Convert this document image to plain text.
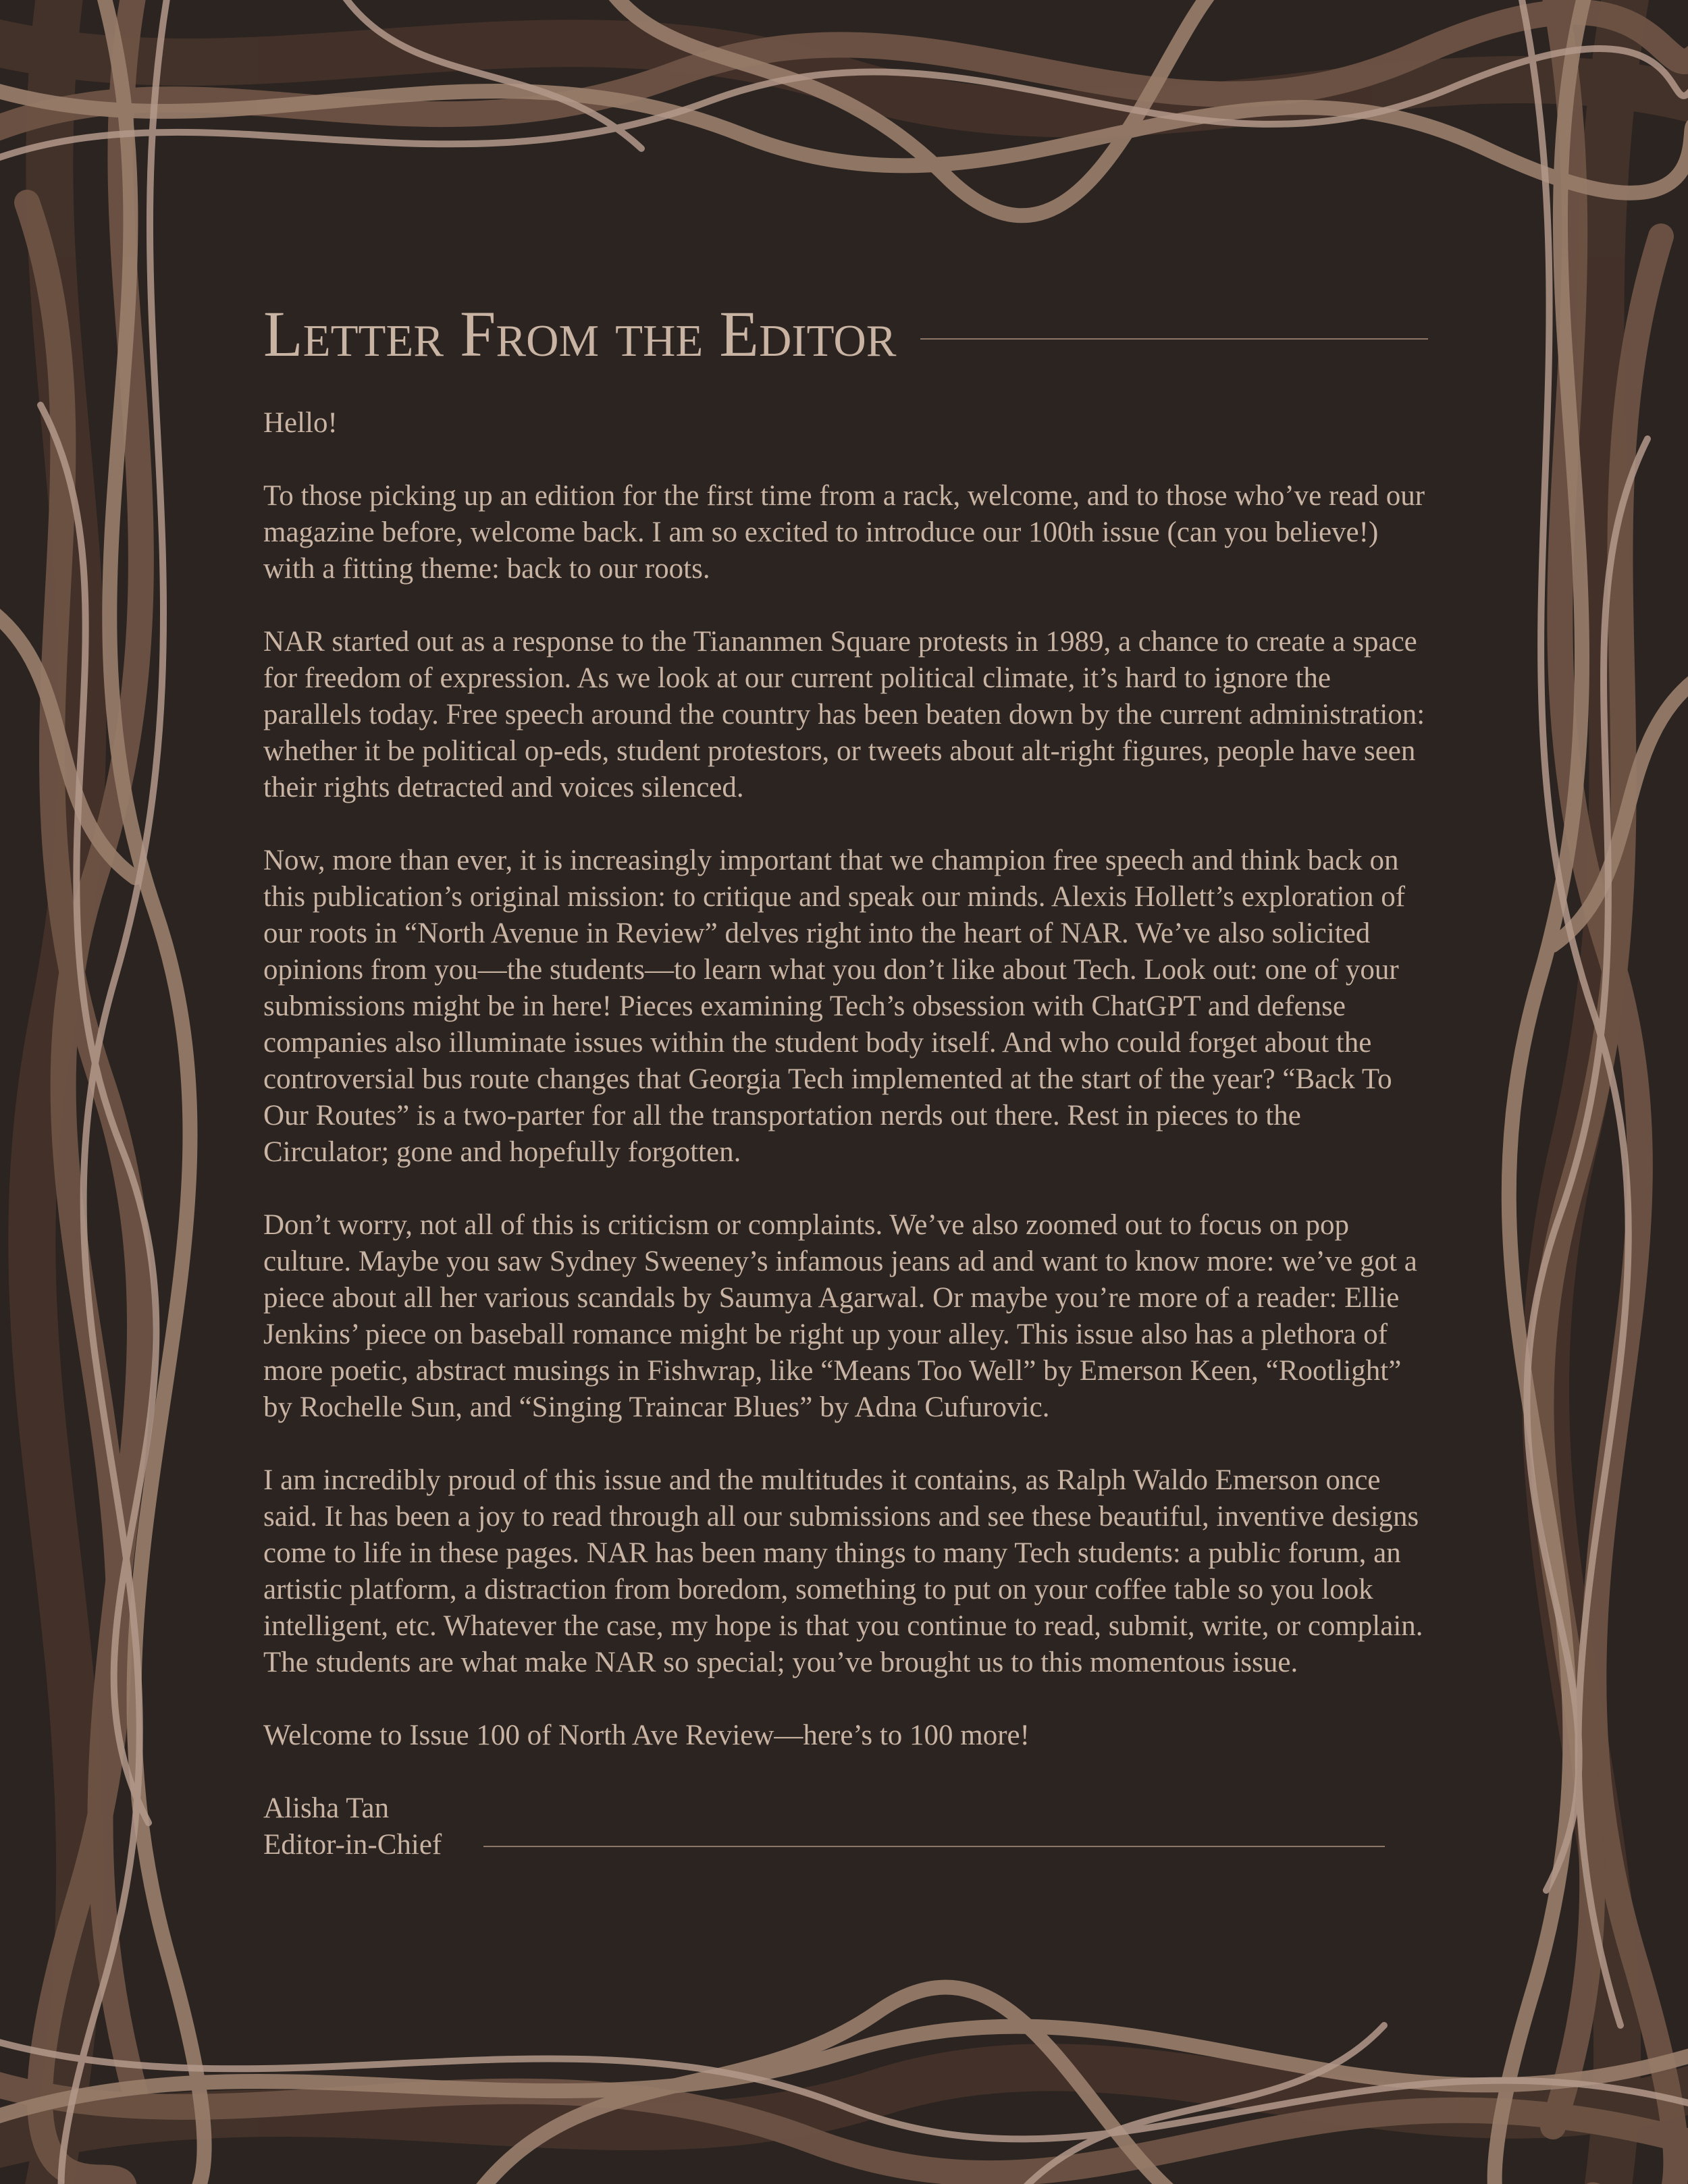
Letter From the Editor

Hello!

To those picking up an edition for the first time from a rack, welcome, and to those who’ve read our magazine before, welcome back. I am so excited to introduce our 100th issue (can you believe!) with a fitting theme: back to our roots.

NAR started out as a response to the Tiananmen Square protests in 1989, a chance to create a space for freedom of expression. As we look at our current political climate, it’s hard to ignore the parallels today. Free speech around the country has been beaten down by the current administration: whether it be political op-eds, student protestors, or tweets about alt-right figures, people have seen their rights detracted and voices silenced.

Now, more than ever, it is increasingly important that we champion free speech and think back on this publication’s original mission: to critique and speak our minds. Alexis Hollett’s exploration of our roots in “North Avenue in Review” delves right into the heart of NAR. We’ve also solicited opinions from you—the students—to learn what you don’t like about Tech. Look out: one of your submissions might be in here! Pieces examining Tech’s obsession with ChatGPT and defense companies also illuminate issues within the student body itself. And who could forget about the controversial bus route changes that Georgia Tech implemented at the start of the year? “Back To Our Routes” is a two-parter for all the transportation nerds out there. Rest in pieces to the Circulator; gone and hopefully forgotten.

Don’t worry, not all of this is criticism or complaints. We’ve also zoomed out to focus on pop culture. Maybe you saw Sydney Sweeney’s infamous jeans ad and want to know more: we’ve got a piece about all her various scandals by Saumya Agarwal. Or maybe you’re more of a reader: Ellie Jenkins’ piece on baseball romance might be right up your alley. This issue also has a plethora of more poetic, abstract musings in Fishwrap, like “Means Too Well” by Emerson Keen, “Rootlight” by Rochelle Sun, and “Singing Traincar Blues” by Adna Cufurovic.

I am incredibly proud of this issue and the multitudes it contains, as Ralph Waldo Emerson once said. It has been a joy to read through all our submissions and see these beautiful, inventive designs come to life in these pages. NAR has been many things to many Tech students: a public forum, an artistic platform, a distraction from boredom, something to put on your coffee table so you look intelligent, etc. Whatever the case, my hope is that you continue to read, submit, write, or complain. The students are what make NAR so special; you’ve brought us to this momentous issue.

Welcome to Issue 100 of North Ave Review—here’s to 100 more!

Alisha Tan
Editor-in-Chief
